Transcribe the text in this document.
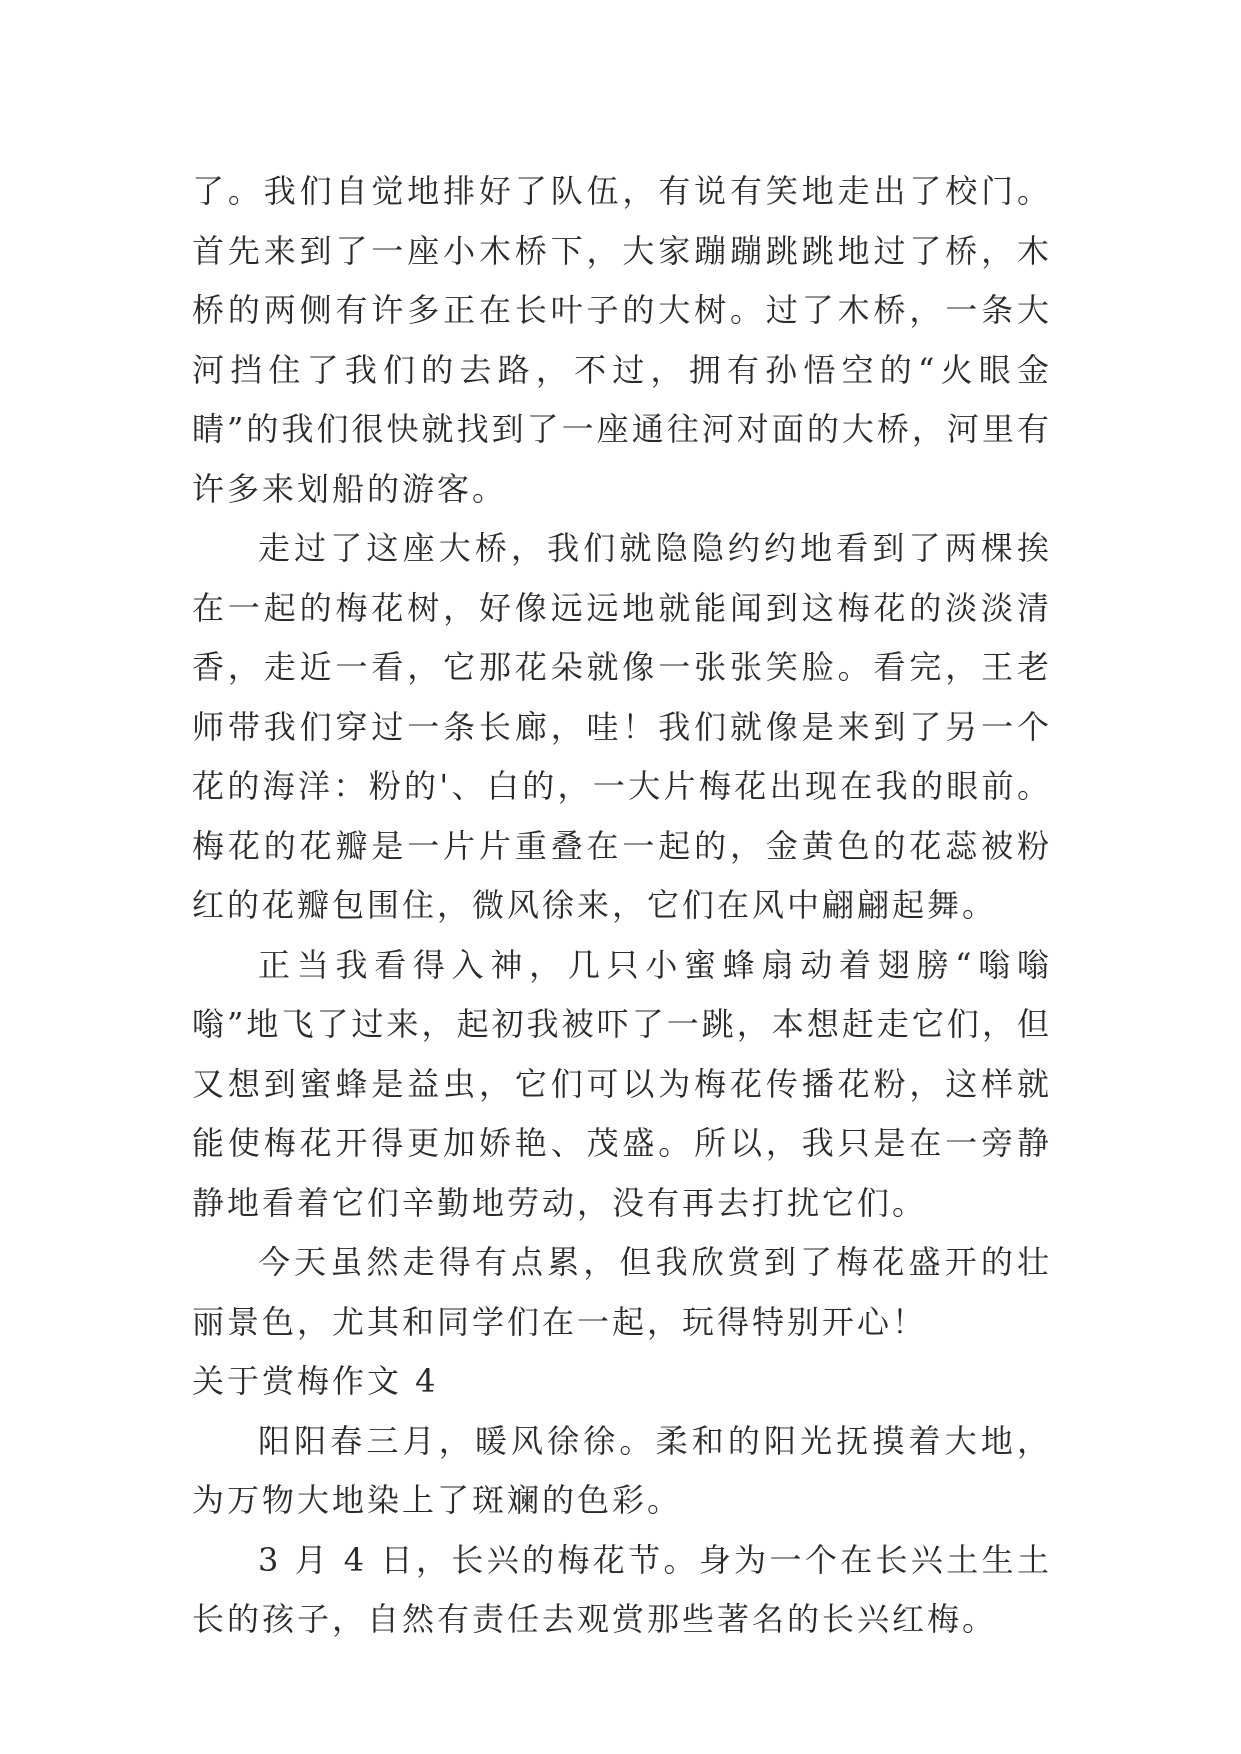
了。我们自觉地排好了队伍，有说有笑地走出了校门。首先来到了一座小木桥下，大家蹦蹦跳跳地过了桥，木桥的两侧有许多正在长叶子的大树。过了木桥，一条大河挡住了我们的去路，不过，拥有孙悟空的“火眼金睛”的我们很快就找到了一座通往河对面的大桥，河里有许多来划船的游客。

走过了这座大桥，我们就隐隐约约地看到了两棵挨在一起的梅花树，好像远远地就能闻到这梅花的淡淡清香，走近一看，它那花朵就像一张张笑脸。看完，王老师带我们穿过一条长廊，哇！我们就像是来到了另一个花的海洋：粉的'、白的，一大片梅花出现在我的眼前。梅花的花瓣是一片片重叠在一起的，金黄色的花蕊被粉红的花瓣包围住，微风徐来，它们在风中翩翩起舞。

正当我看得入神，几只小蜜蜂扇动着翅膀“嗡嗡嗡”地飞了过来，起初我被吓了一跳，本想赶走它们，但又想到蜜蜂是益虫，它们可以为梅花传播花粉，这样就能使梅花开得更加娇艳、茂盛。所以，我只是在一旁静静地看着它们辛勤地劳动，没有再去打扰它们。

今天虽然走得有点累，但我欣赏到了梅花盛开的壮丽景色，尤其和同学们在一起，玩得特别开心！

关于赏梅作文 4

阳阳春三月，暖风徐徐。柔和的阳光抚摸着大地，为万物大地染上了斑斓的色彩。

3 月 4 日，长兴的梅花节。身为一个在长兴土生土长的孩子，自然有责任去观赏那些著名的长兴红梅。
